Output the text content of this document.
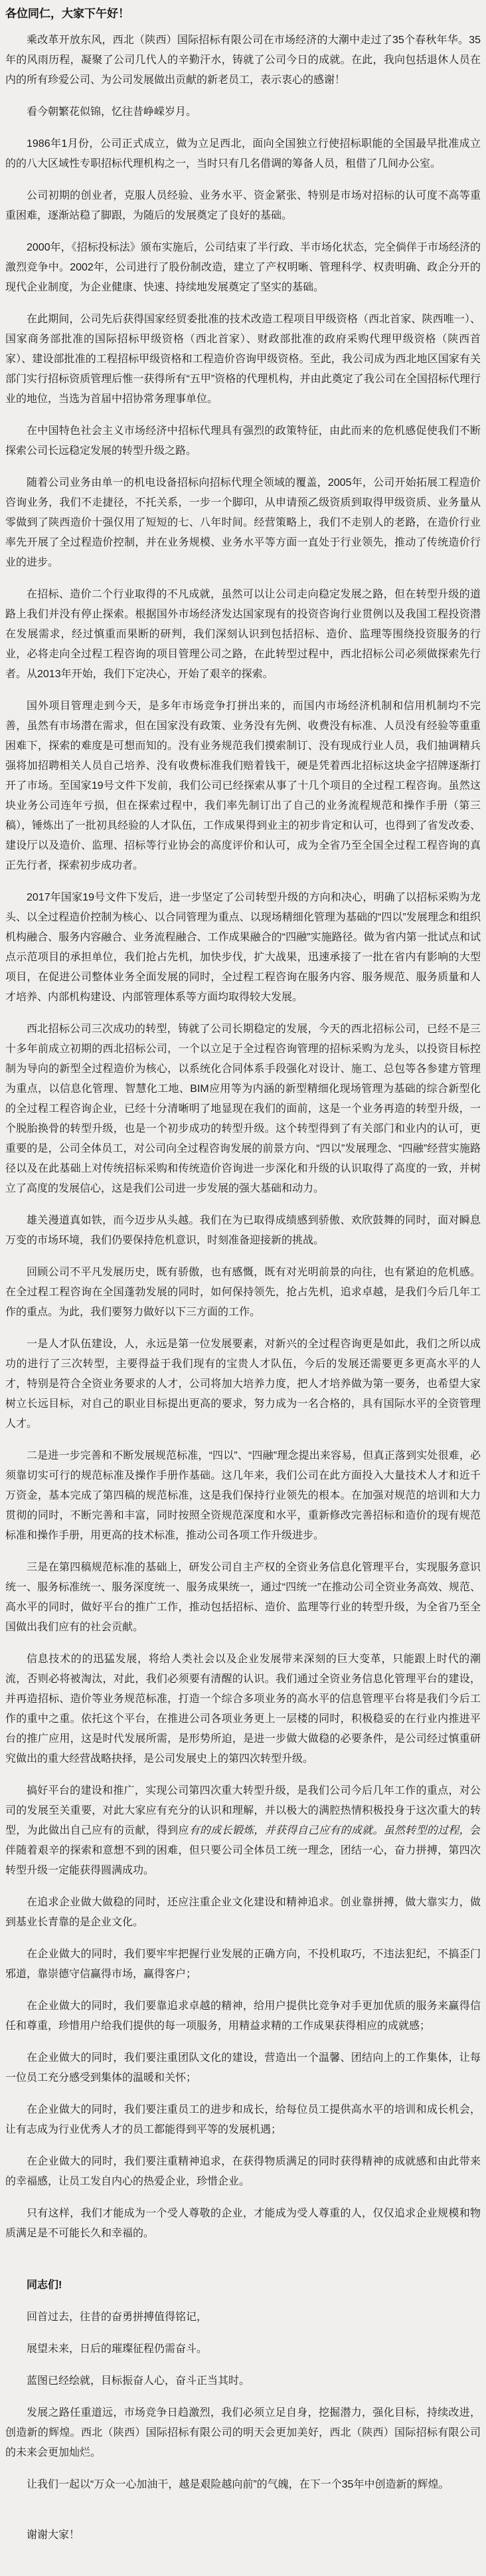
各位同仁，大家下午好！

乘改革开放东风，西北（陕西）国际招标有限公司在市场经济的大潮中走过了35个春秋年华。35年的风雨历程，凝聚了公司几代人的辛勤汗水，铸就了公司今日的成就。在此，我向包括退休人员在内的所有珍爱公司、为公司发展做出贡献的新老员工，表示衷心的感谢！

看今朝繁花似锦，忆往昔峥嵘岁月。

1986年1月份，公司正式成立，做为立足西北，面向全国独立行使招标职能的全国最早批准成立的的八大区域性专职招标代理机构之一，当时只有几名借调的筹备人员，租借了几间办公室。

公司初期的创业者，克服人员经验、业务水平、资金紧张、特别是市场对招标的认可度不高等重重困难，逐渐站稳了脚跟，为随后的发展奠定了良好的基础。

2000年，《招标投标法》颁布实施后，公司结束了半行政、半市场化状态，完全倘佯于市场经济的激烈竞争中。2002年，公司进行了股份制改造，建立了产权明晰、管理科学、权责明确、政企分开的现代企业制度，为企业健康、快速、持续地发展奠定了坚实的基础。

在此期间，公司先后获得国家经贸委批准的技术改造工程项目甲级资格（西北首家、陕西唯一）、国家商务部批准的国际招标甲级资格（西北首家）、财政部批准的政府采购代理甲级资格（陕西首家）、建设部批准的工程招标甲级资格和工程造价咨询甲级资格。至此，我公司成为西北地区国家有关部门实行招标资质管理后惟一获得所有“五甲”资格的代理机构，并由此奠定了我公司在全国招标代理行业的地位，当选为首届中招协常务理事单位。

在中国特色社会主义市场经济中招标代理具有强烈的政策特征，由此而来的危机感促使我们不断探索公司长远稳定发展的转型升级之路。

随着公司业务由单一的机电设备招标向招标代理全领域的覆盖，2005年，公司开始拓展工程造价咨询业务，我们不走捷径，不托关系，一步一个脚印，从申请预乙级资质到取得甲级资质、业务量从零做到了陕西造价十强仅用了短短的七、八年时间。经营策略上，我们不走别人的老路，在造价行业率先开展了全过程造价控制，并在业务规模、业务水平等方面一直处于行业领先，推动了传统造价行业的进步。

在招标、造价二个行业取得的不凡成就，虽然可以让公司走向稳定发展之路，但在转型升级的道路上我们并没有停止探索。根据国外市场经济发达国家现有的投资咨询行业贯例以及我国工程投资潜在发展需求，经过慎重而果断的研判，我们深刻认识到包括招标、造价、监理等围绕投资服务的行业，必将走向全过程工程咨询的项目管理公司之路，在此转型过程中，西北招标公司必须做探索先行者。从2013年开始，我们下定决心，开始了艰辛的探索。

国外项目管理走到今天，是多年市场竞争打拼出来的，而国内市场经济机制和信用机制均不完善，虽然有市场潜在需求，但在国家没有政策、业务没有先例、收费没有标准、人员没有经验等重重困难下，探索的难度是可想而知的。没有业务规范我们摸索制订、没有现成行业人员，我们抽调精兵强将加招聘相关人员自己培养、没有收费标准我们赔着钱干，硬是凭着西北招标这块金字招牌逐渐打开了市场。至国家19号文件下发前，我们公司已经探索从事了十几个项目的全过程工程咨询。虽然这块业务公司连年亏损，但在探索过程中，我们率先制订出了自己的业务流程规范和操作手册（第三稿），锤炼出了一批初具经验的人才队伍，工作成果得到业主的初步肯定和认可，也得到了省发改委、建设厅以及造价、监理、招标等行业协会的高度评价和认可，成为全省乃至全国全过程工程咨询的真正先行者，探索初步成功者。

2017年国家19号文件下发后，进一步坚定了公司转型升级的方向和决心，明确了以招标采购为龙头、以全过程造价控制为核心、以合同管理为重点、以现场精细化管理为基础的“四以”发展理念和组织机构融合、服务内容融合、业务流程融合、工作成果融合的“四融”实施路径。做为省内第一批试点和试点示范项目的承担单位，我们抢占先机，加快步伐，扩大战果，迅速承接了一批在省内有影响的大型项目，在促进公司整体业务全面发展的同时，全过程工程咨询在服务内容、服务规范、服务质量和人才培养、内部机构建设、内部管理体系等方面均取得较大发展。

西北招标公司三次成功的转型，铸就了公司长期稳定的发展，今天的西北招标公司，已经不是三十多年前成立初期的西北招标公司，一个以立足于全过程咨询管理的招标采购为龙头，以投资目标控制为导向的新型全过程造价为核心，以系统化合同体系手段强化对设计、施工、总包等各参建方管理为重点，以信息化管理、智慧化工地、BIM应用等为内涵的新型精细化现场管理为基础的综合新型化的全过程工程咨询企业，已经十分清晰明了地显现在我们的面前，这是一个业务再造的转型升级，一个脱胎换骨的转型升级，也是一个初步成功的转型升级。这个转型得到了有关部门和业内的认可，更重要的是，公司全体员工，对公司向全过程咨询发展的前景方向、“四以”发展理念、“四融”经营实施路径以及在此基础上对传统招标采购和传统造价咨询进一步深化和升级的认识取得了高度的一致，并树立了高度的发展信心，这是我们公司进一步发展的强大基础和动力。

雄关漫道真如铁，而今迈步从头越。我们在为已取得成绩感到骄傲、欢欣鼓舞的同时，面对瞬息万变的市场环境，我们仍要保持危机意识，时刻准备迎接新的挑战。

回顾公司不平凡发展历史，既有骄傲，也有感慨，既有对光明前景的向往，也有紧迫的危机感。在全过程工程咨询在全国蓬勃发展的同时，如何保持领先，抢占先机，追求卓越，是我们今后几年工作的重点。为此，我们要努力做好以下三方面的工作。

一是人才队伍建设，人，永远是第一位发展要素，对新兴的全过程咨询更是如此，我们之所以成功的进行了三次转型，主要得益于我们现有的宝贵人才队伍，今后的发展还需要更多更高水平的人才，特别是符合全资业务要求的人才，公司将加大培养力度，把人才培养做为第一要务，也希望大家树立长远目标，对自己的职业目标提出更高的要求，努力成为一名合格的，具有国际水平的全资管理人才。

二是进一步完善和不断发展规范标准，“四以”、“四融”理念提出来容易，但真正落到实处很难，必须靠切实可行的规范标准及操作手册作基础。这几年来，我们公司在此方面投入大量技术人才和近千万资金，基本完成了第四稿的规范标准，这是我们保持行业领先的根本。在加强对规范的培训和大力贯彻的同时，不断完善和丰富，同时按照全资规范深度和水平，重新修改完善招标和造价的现有规范标准和操作手册，用更高的技术标准，推动公司各项工作升级进步。

三是在第四稿规范标准的基础上，研发公司自主产权的全资业务信息化管理平台，实现服务意识统一、服务标准统一、服务深度统一、服务成果统一，通过“四统一”在推动公司全资业务高效、规范、高水平的同时，做好平台的推广工作，推动包括招标、造价、监理等行业的转型升级，为全省乃至全国做出我们应有的社会贡献。

信息技术的的迅猛发展，将给人类社会以及企业发展带来深刻的巨大变革，只能跟上时代的潮流，否则必将被淘汰，对此，我们必须要有清醒的认识。我们通过全资业务信息化管理平台的建设，并再造招标、造价等业务规范标准，打造一个综合多项业务的高水平的信息管理平台将是我们今后工作的重中之重。依托这个平台，在推进公司各项业务更上一层楼的同时，积极稳妥的在行业内推进平台的推广应用，这是时代发展所需，是形势所迫，是进一步做大做稳的必要条件，是公司经过慎重研究做出的重大经营战略抉择，是公司发展史上的第四次转型升级。

搞好平台的建设和推广，实现公司第四次重大转型升级，是我们公司今后几年工作的重点，对公司的发展至关重要，对此大家应有充分的认识和理解，并以极大的满腔热情积极投身于这次重大的转型，为此做出自己应有的贡献，得到应有的成长锻炼，并获得自己应有的成就。虽然转型的过程，会伴随着艰辛的探索和意想不到的困难，但只要公司全体员工统一理念，团结一心，奋力拼搏，第四次转型升级一定能获得圆满成功。

在追求企业做大做稳的同时，还应注重企业文化建设和精神追求。创业靠拼搏，做大靠实力，做到基业长青靠的是企业文化。

在企业做大的同时，我们要牢牢把握行业发展的正确方向，不投机取巧，不违法犯纪，不搞歪门邪道，靠崇德守信赢得市场，赢得客户；

在企业做大的同时，我们要靠追求卓越的精神，给用户提供比竞争对手更加优质的服务来赢得信任和尊重，珍惜用户给我们提供的每一项服务，用精益求精的工作成果获得相应的成就感；

在企业做大的同时，我们要注重团队文化的建设，营造出一个温馨、团结向上的工作集体，让每一位员工充分感受到集体的温暖和关怀；

在企业做大的同时，我们要注重员工的进步和成长，给每位员工提供高水平的培训和成长机会，让有志成为行业优秀人才的员工都能得到平等的发展机遇；

在企业做大的同时，我们要注重精神追求，在获得物质满足的同时获得精神的成就感和由此带来的幸福感，让员工发自内心的热爱企业，珍惜企业。

只有这样，我们才能成为一个受人尊敬的企业，才能成为受人尊重的人，仅仅追求企业规模和物质满足是不可能长久和幸福的。

同志们!

回首过去，往昔的奋勇拼搏值得铭记，

展望未来，日后的璀璨征程仍需奋斗。

蓝图已经绘就，目标振奋人心，奋斗正当其时。

发展之路任重道远，市场竞争日趋激烈，我们必须立足自身，挖掘潜力，强化目标，持续改进，创造新的辉煌。西北（陕西）国际招标有限公司的明天会更加美好，西北（陕西）国际招标有限公司的未来会更加灿烂。

让我们一起以“万众一心加油干，越是艰险越向前”的气魄，在下一个35年中创造新的辉煌。

谢谢大家！
